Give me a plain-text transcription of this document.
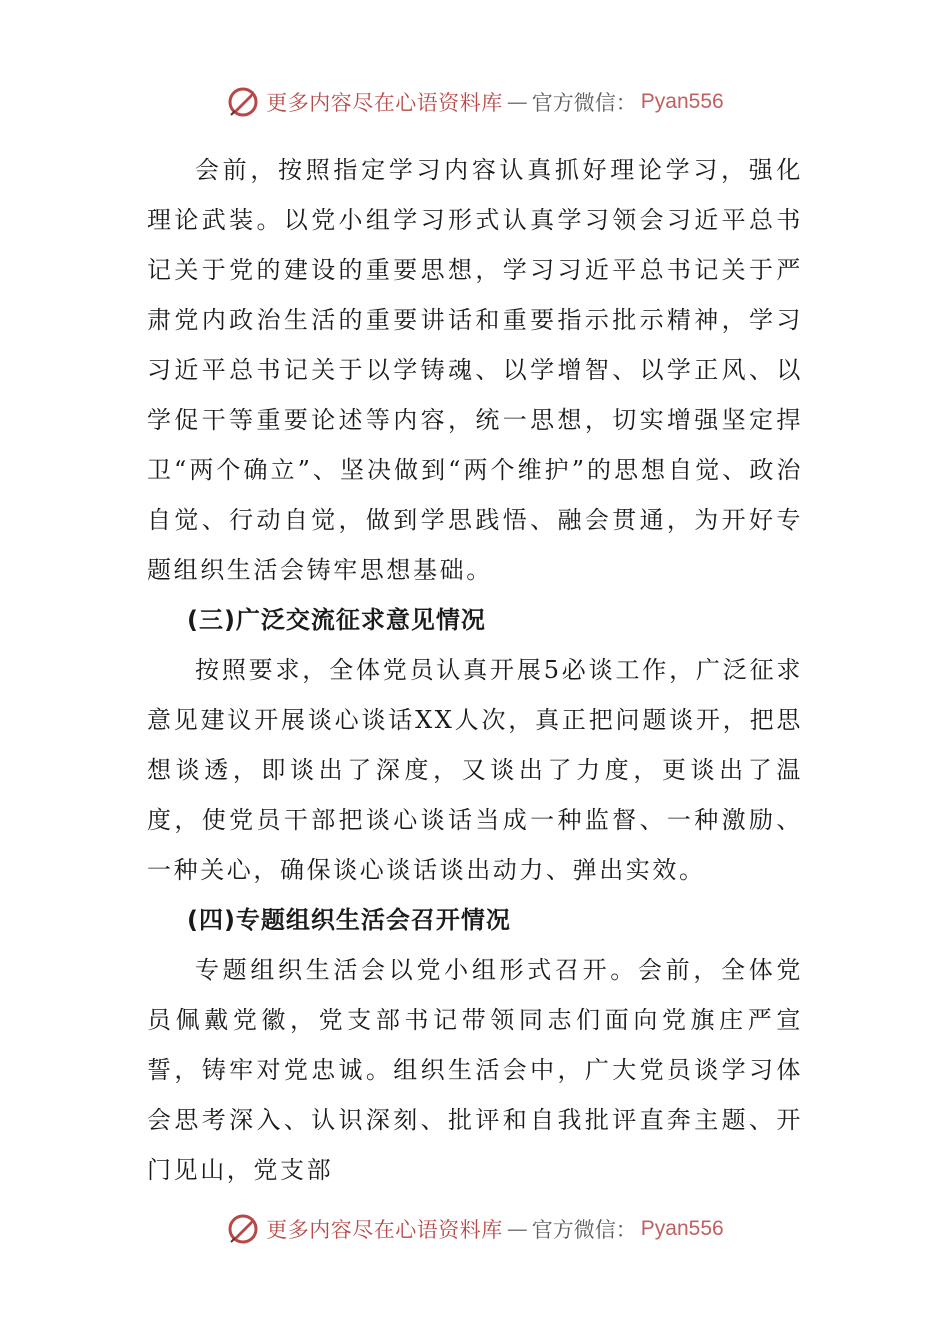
更多内容尽在心语资料库 — 官方微信： Pyan556

会前，按照指定学习内容认真抓好理论学习，强化理论武装。以党小组学习形式认真学习领会习近平总书记关于党的建设的重要思想，学习习近平总书记关于严肃党内政治生活的重要讲话和重要指示批示精神，学习习近平总书记关于以学铸魂、以学增智、以学正风、以学促干等重要论述等内容，统一思想，切实增强坚定捍卫“两个确立”、坚决做到“两个维护”的思想自觉、政治自觉、行动自觉，做到学思践悟、融会贯通，为开好专题组织生活会铸牢思想基础。

(三)广泛交流征求意见情况

按照要求，全体党员认真开展5必谈工作，广泛征求意见建议开展谈心谈话XX人次，真正把问题谈开，把思想谈透，即谈出了深度，又谈出了力度，更谈出了温度，使党员干部把谈心谈话当成一种监督、一种激励、一种关心，确保谈心谈话谈出动力、弹出实效。

(四)专题组织生活会召开情况

专题组织生活会以党小组形式召开。会前，全体党员佩戴党徽，党支部书记带领同志们面向党旗庄严宣誓，铸牢对党忠诚。组织生活会中，广大党员谈学习体会思考深入、认识深刻、批评和自我批评直奔主题、开门见山，党支部

更多内容尽在心语资料库 — 官方微信： Pyan556
